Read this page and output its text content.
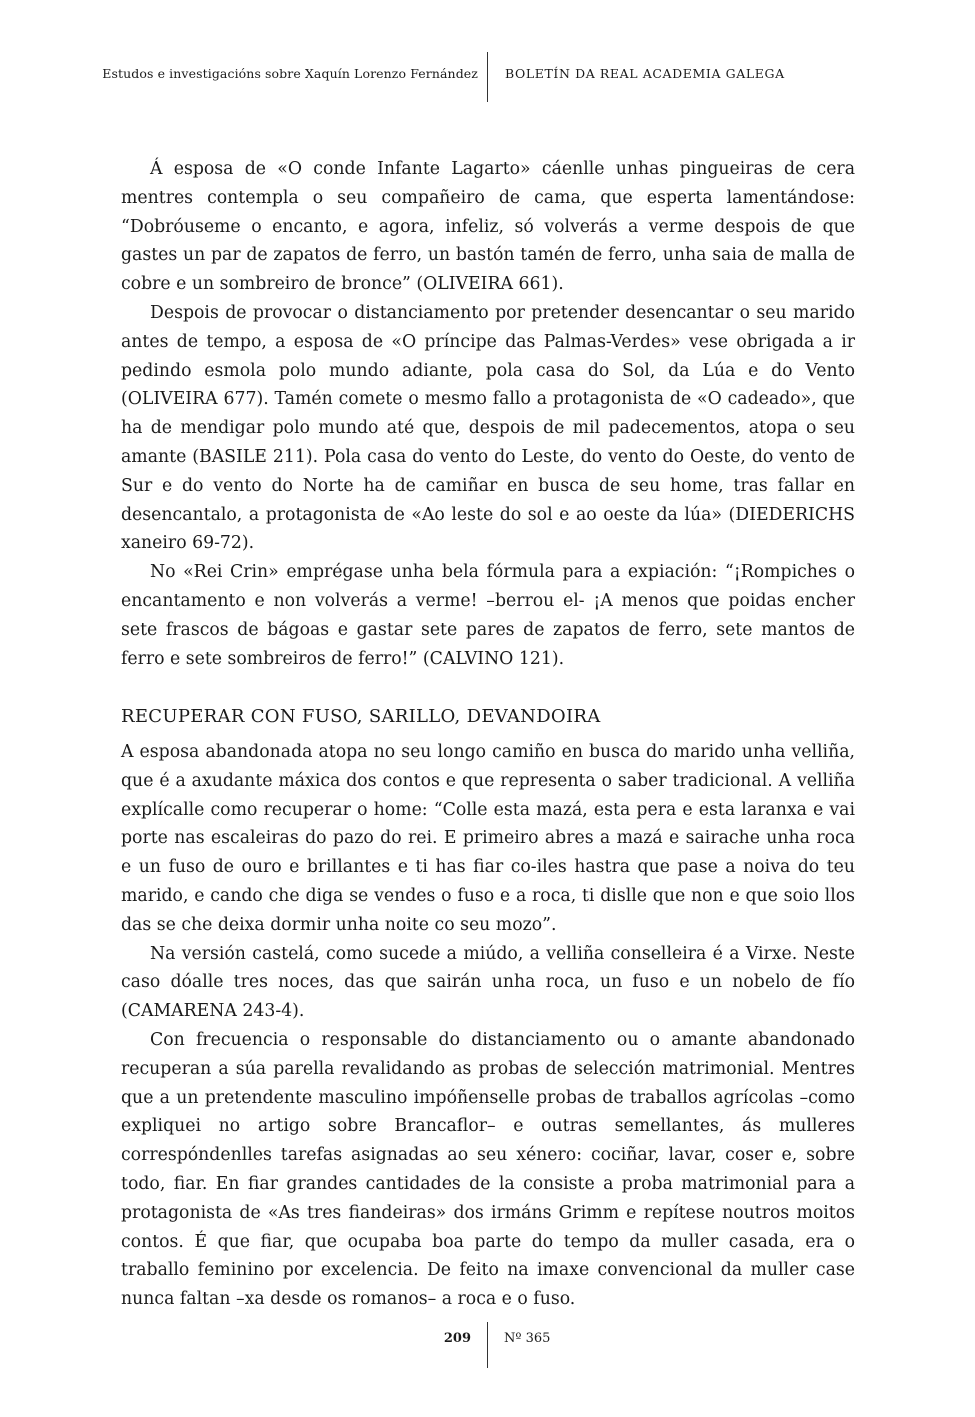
Estudos e investigacións sobre Xaquín Lorenzo Fernández BOLETÍN DA REAL ACADEMIA GALEGA

Á esposa de «O conde Infante Lagarto» cáenlle unhas pingueiras de cera mentres contempla o seu compañeiro de cama, que esperta lamentándose: “Dobróuseme o encanto, e agora, infeliz, só volverás a verme despois de que gastes un par de zapatos de ferro, un bastón tamén de ferro, unha saia de malla de cobre e un sombreiro de bronce” (OLIVEIRA 661).

Despois de provocar o distanciamento por pretender desencantar o seu marido antes de tempo, a esposa de «O príncipe das Palmas-Verdes» vese obrigada a ir pedindo esmola polo mundo adiante, pola casa do Sol, da Lúa e do Vento (OLIVEIRA 677). Tamén comete o mesmo fallo a protagonista de «O cadeado», que ha de mendigar polo mundo até que, despois de mil padecementos, atopa o seu amante (BASILE 211). Pola casa do vento do Leste, do vento do Oeste, do vento de Sur e do vento do Norte ha de camiñar en busca de seu home, tras fallar en desencantalo, a protagonista de «Ao leste do sol e ao oeste da lúa» (DIEDERICHS xaneiro 69-72).

No «Rei Crin» emprégase unha bela fórmula para a expiación: “¡Rompiches o encantamento e non volverás a verme! –berrou el- ¡A menos que poidas encher sete frascos de bágoas e gastar sete pares de zapatos de ferro, sete mantos de ferro e sete sombreiros de ferro!” (CALVINO 121).

RECUPERAR CON FUSO, SARILLO, DEVANDOIRA

A esposa abandonada atopa no seu longo camiño en busca do marido unha velliña, que é a axudante máxica dos contos e que representa o saber tradicional. A velliña explícalle como recuperar o home: “Colle esta mazá, esta pera e esta laranxa e vai porte nas escaleiras do pazo do rei. E primeiro abres a mazá e sairache unha roca e un fuso de ouro e brillantes e ti has fiar co-iles hastra que pase a noiva do teu marido, e cando che diga se vendes o fuso e a roca, ti dislle que non e que soio llos das se che deixa dormir unha noite co seu mozo”.

Na versión castelá, como sucede a miúdo, a velliña conselleira é a Virxe. Neste caso dóalle tres noces, das que sairán unha roca, un fuso e un nobelo de fío (CAMARENA 243-4).

Con frecuencia o responsable do distanciamento ou o amante abandonado recuperan a súa parella revalidando as probas de selección matrimonial. Mentres que a un pretendente masculino impóñenselle probas de traballos agrícolas –como expliquei no artigo sobre Brancaflor– e outras semellantes, ás mulleres correspóndenlles tarefas asignadas ao seu xénero: cociñar, lavar, coser e, sobre todo, fiar. En fiar grandes cantidades de la consiste a proba matrimonial para a protagonista de «As tres fiandeiras» dos irmáns Grimm e repítese noutros moitos contos. É que fiar, que ocupaba boa parte do tempo da muller casada, era o traballo feminino por excelencia. De feito na imaxe convencional da muller case nunca faltan –xa desde os romanos– a roca e o fuso.

209	Nº 365
